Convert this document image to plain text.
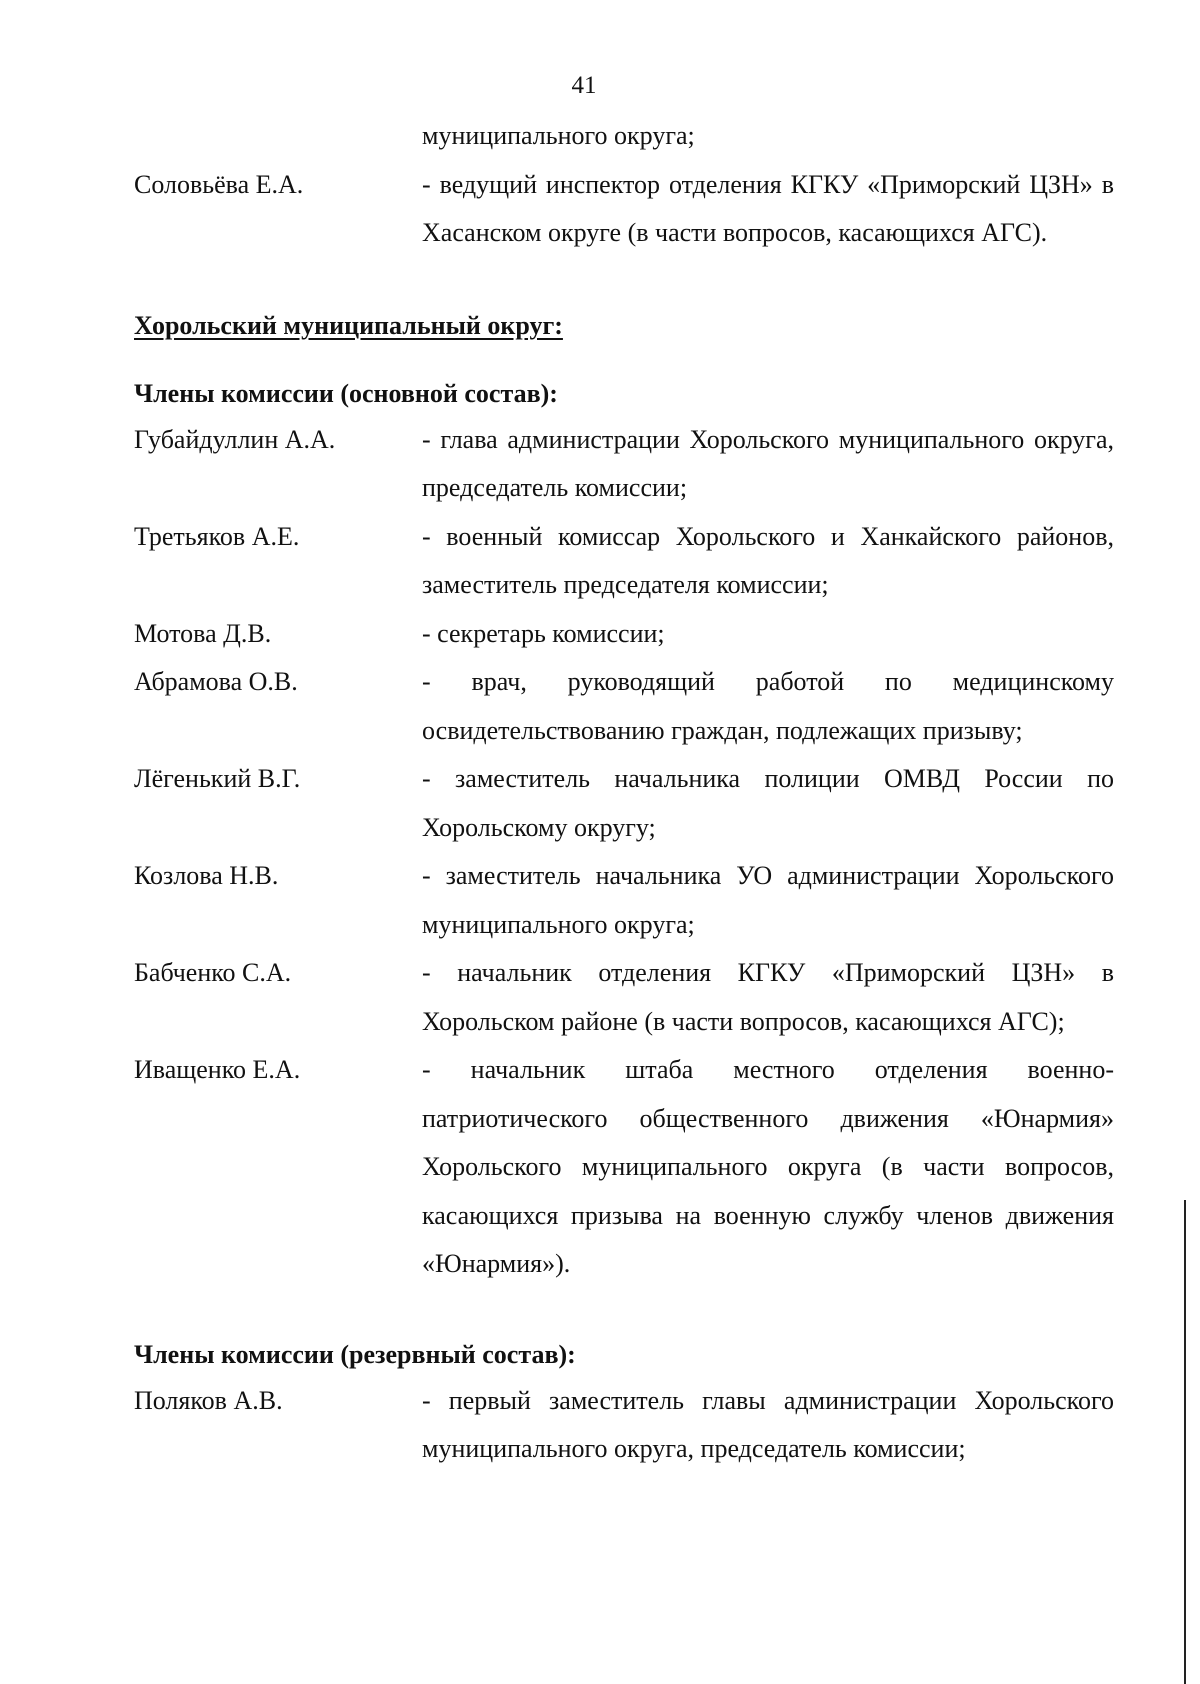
41
муниципального округа;
Соловьёва Е.А.	- ведущий инспектор отделения КГКУ «Приморский ЦЗН» в Хасанском округе (в части вопросов, касающихся АГС).
Хорольский муниципальный округ:
Члены комиссии (основной состав):
Губайдуллин А.А.	- глава администрации Хорольского муниципального округа, председатель комиссии;
Третьяков А.Е.	- военный комиссар Хорольского и Ханкайского районов, заместитель председателя комиссии;
Мотова Д.В.	- секретарь комиссии;
Абрамова О.В.	- врач, руководящий работой по медицинскому освидетельствованию граждан, подлежащих призыву;
Лёгенький В.Г.	- заместитель начальника полиции ОМВД России по Хорольскому округу;
Козлова Н.В.	- заместитель начальника УО администрации Хорольского муниципального округа;
Бабченко С.А.	- начальник отделения КГКУ «Приморский ЦЗН» в Хорольском районе (в части вопросов, касающихся АГС);
Иващенко Е.А.	- начальник штаба местного отделения военно-патриотического общественного движения «Юнармия» Хорольского муниципального округа (в части вопросов, касающихся призыва на военную службу членов движения «Юнармия»).
Члены комиссии (резервный состав):
Поляков А.В.	- первый заместитель главы администрации Хорольского муниципального округа, председатель комиссии;
